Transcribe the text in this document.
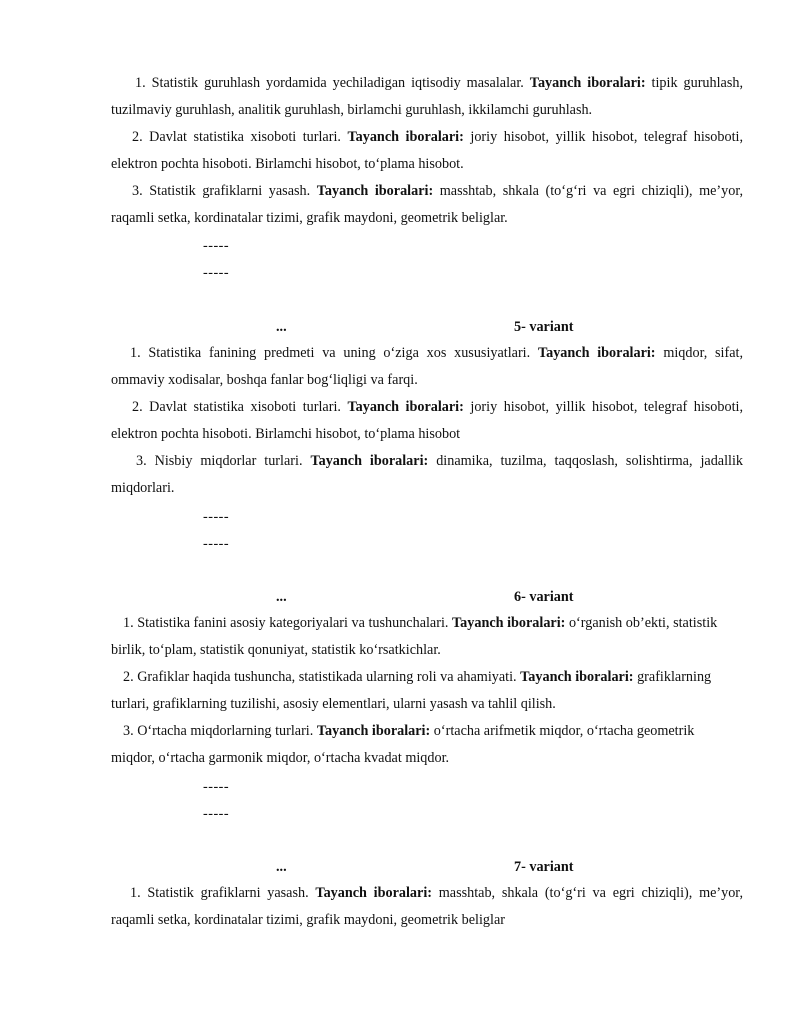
1. Statistik guruhlash yordamida yechiladigan iqtisodiy masalalar. Tayanch iboralari: tipik guruhlash, tuzilmaviy guruhlash, analitik guruhlash, birlamchi guruhlash, ikkilamchi guruhlash.

2. Davlat statistika xisoboti turlari. Tayanch iboralari: joriy hisobot, yillik hisobot, telegraf hisoboti, elektron pochta hisoboti. Birlamchi hisobot, to‘plama hisobot.

3. Statistik grafiklarni yasash. Tayanch iboralari: masshtab, shkala (to‘g‘ri va egri chiziqli), me’yor, raqamli setka, kordinatalar tizimi, grafik maydoni, geometrik beliglar.

-----
-----
...	5- variant

1. Statistika fanining predmeti va uning o‘ziga xos xususiyatlari. Tayanch iboralari: miqdor, sifat, ommaviy xodisalar, boshqa fanlar bog‘liqligi va farqi.

2. Davlat statistika xisoboti turlari. Tayanch iboralari: joriy hisobot, yillik hisobot, telegraf hisoboti, elektron pochta hisoboti. Birlamchi hisobot, to‘plama hisobot

3. Nisbiy miqdorlar turlari. Tayanch iboralari: dinamika, tuzilma, taqqoslash, solishtirma, jadallik miqdorlari.

-----
-----
...	6- variant

1. Statistika fanini asosiy kategoriyalari va tushunchalari. Tayanch iboralari: o‘rganish ob’ekti, statistik birlik, to‘plam, statistik qonuniyat, statistik ko‘rsatkichlar.

2. Grafiklar haqida tushuncha, statistikada ularning roli va ahamiyati. Tayanch iboralari: grafiklarning turlari, grafiklarning tuzilishi, asosiy elementlari, ularni yasash va tahlil qilish.

3. O‘rtacha miqdorlarning turlari. Tayanch iboralari: o‘rtacha arifmetik miqdor, o‘rtacha geometrik miqdor, o‘rtacha garmonik miqdor, o‘rtacha kvadat miqdor.

-----
-----
...	7- variant

1. Statistik grafiklarni yasash. Tayanch iboralari: masshtab, shkala (to‘g‘ri va egri chiziqli), me’yor, raqamli setka, kordinatalar tizimi, grafik maydoni, geometrik beliglar
